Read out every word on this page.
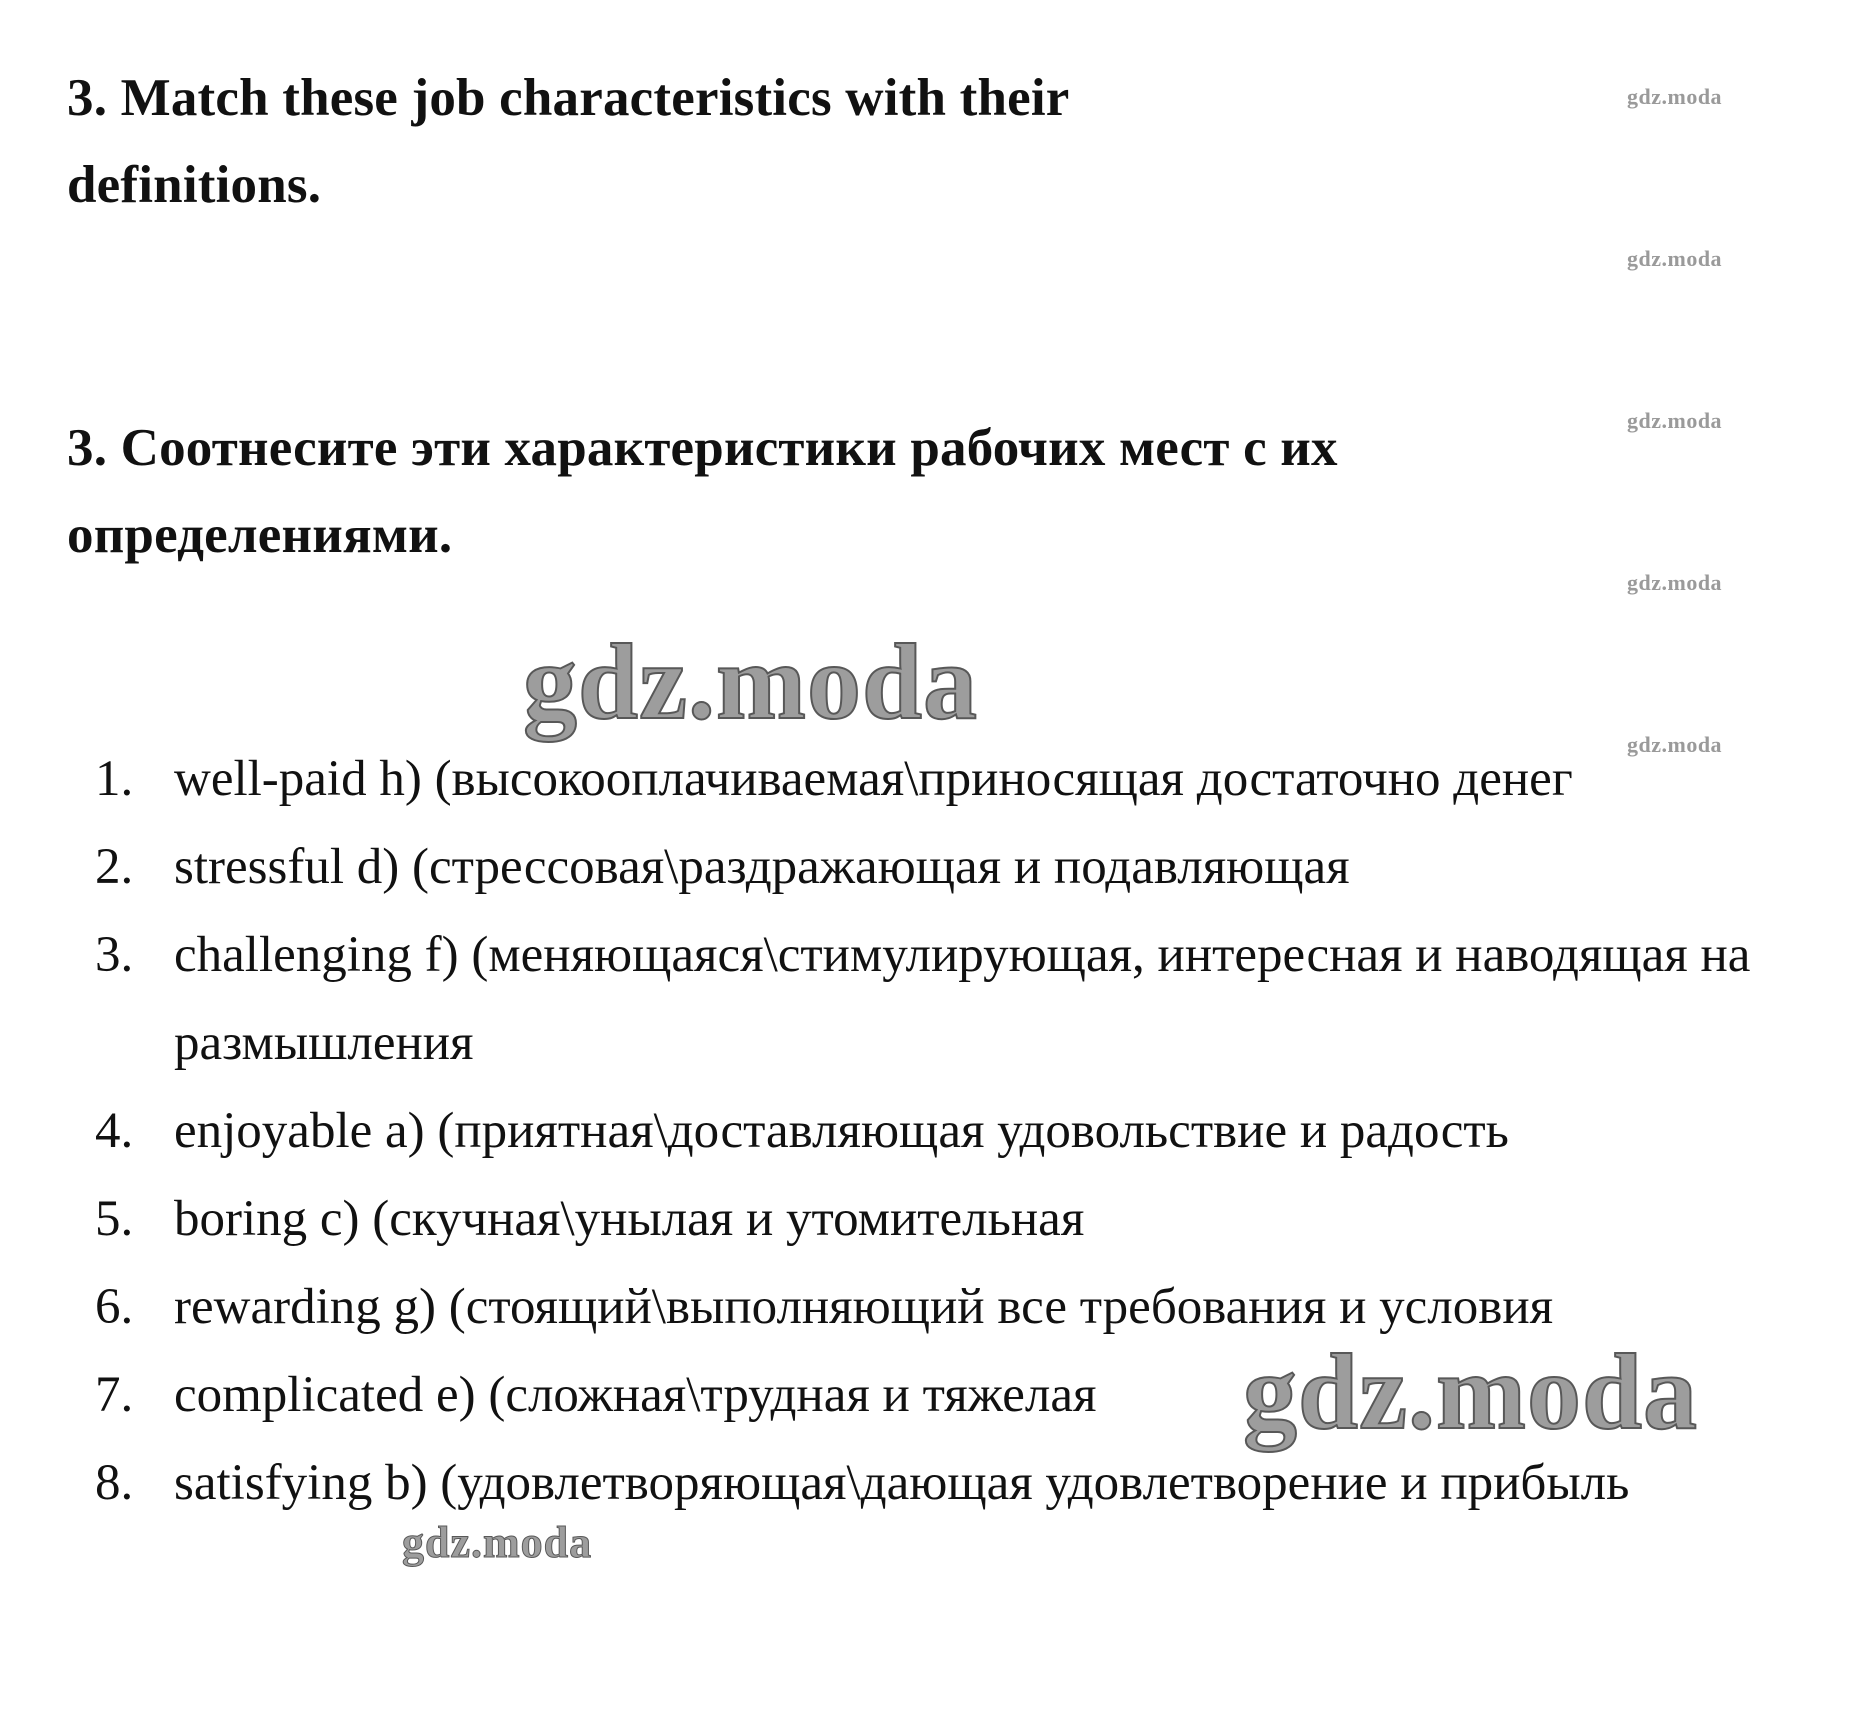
3. Match these job characteristics with their definitions.
3. Соотнесите эти характеристики рабочих мест с их определениями.
1. well-paid h) (высокооплачиваемая\приносящая достаточно денег
2. stressful d) (стрессовая\раздражающая и подавляющая
3. challenging f) (меняющаяся\стимулирующая, интересная и наводящая на размышления
4. enjoyable a) (приятная\доставляющая удовольствие и радость
5. boring c) (скучная\унылая и утомительная
6. rewarding g) (стоящий\выполняющий все требования и условия
7. complicated e) (сложная\трудная и тяжелая
8. satisfying b) (удовлетворяющая\дающая удовлетворение и прибыль
gdz.moda
gdz.moda
gdz.moda
gdz.moda
gdz.moda
gdz.moda
gdz.moda
gdz.moda
